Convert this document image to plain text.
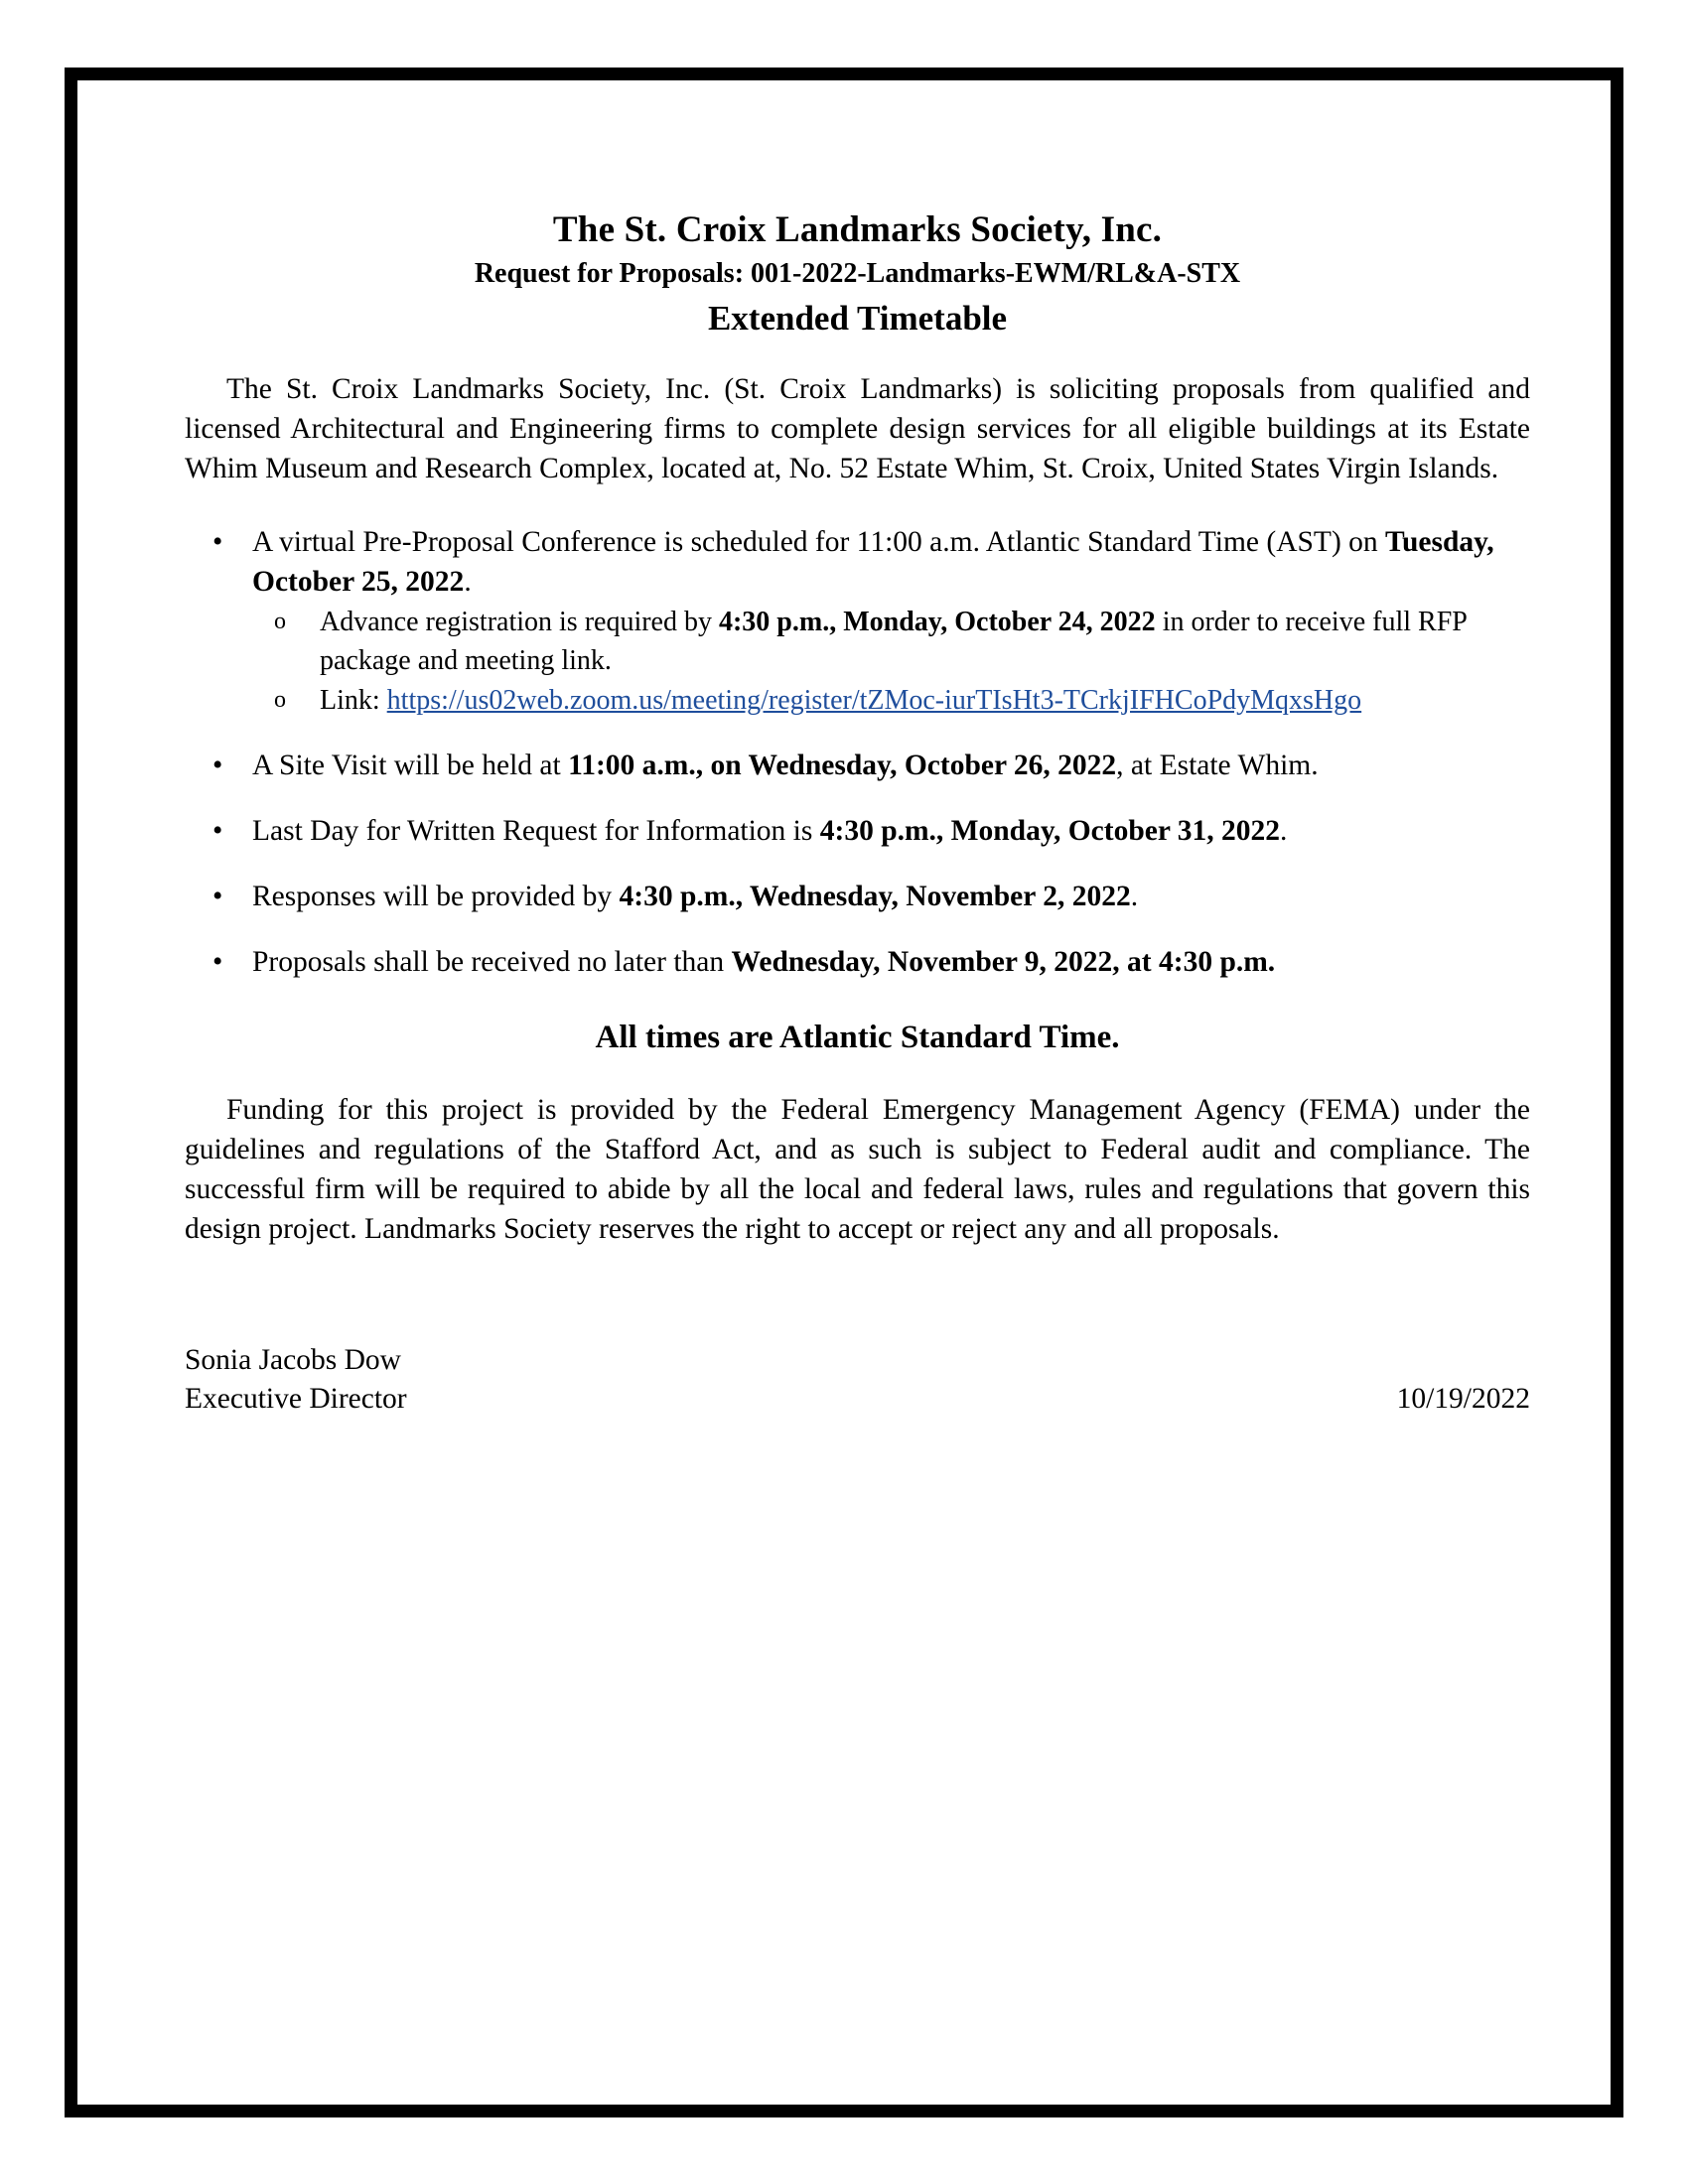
The St. Croix Landmarks Society, Inc.
Request for Proposals: 001-2022-Landmarks-EWM/RL&A-STX
Extended Timetable

The St. Croix Landmarks Society, Inc. (St. Croix Landmarks) is soliciting proposals from qualified and licensed Architectural and Engineering firms to complete design services for all eligible buildings at its Estate Whim Museum and Research Complex, located at, No. 52 Estate Whim, St. Croix, United States Virgin Islands.

• A virtual Pre-Proposal Conference is scheduled for 11:00 a.m. Atlantic Standard Time (AST) on Tuesday, October 25, 2022.
o Advance registration is required by 4:30 p.m., Monday, October 24, 2022 in order to receive full RFP package and meeting link.
o Link: https://us02web.zoom.us/meeting/register/tZMoc-iurTIsHt3-TCrkjIFHCoPdyMqxsHgo
• A Site Visit will be held at 11:00 a.m., on Wednesday, October 26, 2022, at Estate Whim.
• Last Day for Written Request for Information is 4:30 p.m., Monday, October 31, 2022.
• Responses will be provided by 4:30 p.m., Wednesday, November 2, 2022.
• Proposals shall be received no later than Wednesday, November 9, 2022, at 4:30 p.m.
All times are Atlantic Standard Time.

Funding for this project is provided by the Federal Emergency Management Agency (FEMA) under the guidelines and regulations of the Stafford Act, and as such is subject to Federal audit and compliance. The successful firm will be required to abide by all the local and federal laws, rules and regulations that govern this design project. Landmarks Society reserves the right to accept or reject any and all proposals.

Sonia Jacobs Dow
Executive Director	10/19/2022
